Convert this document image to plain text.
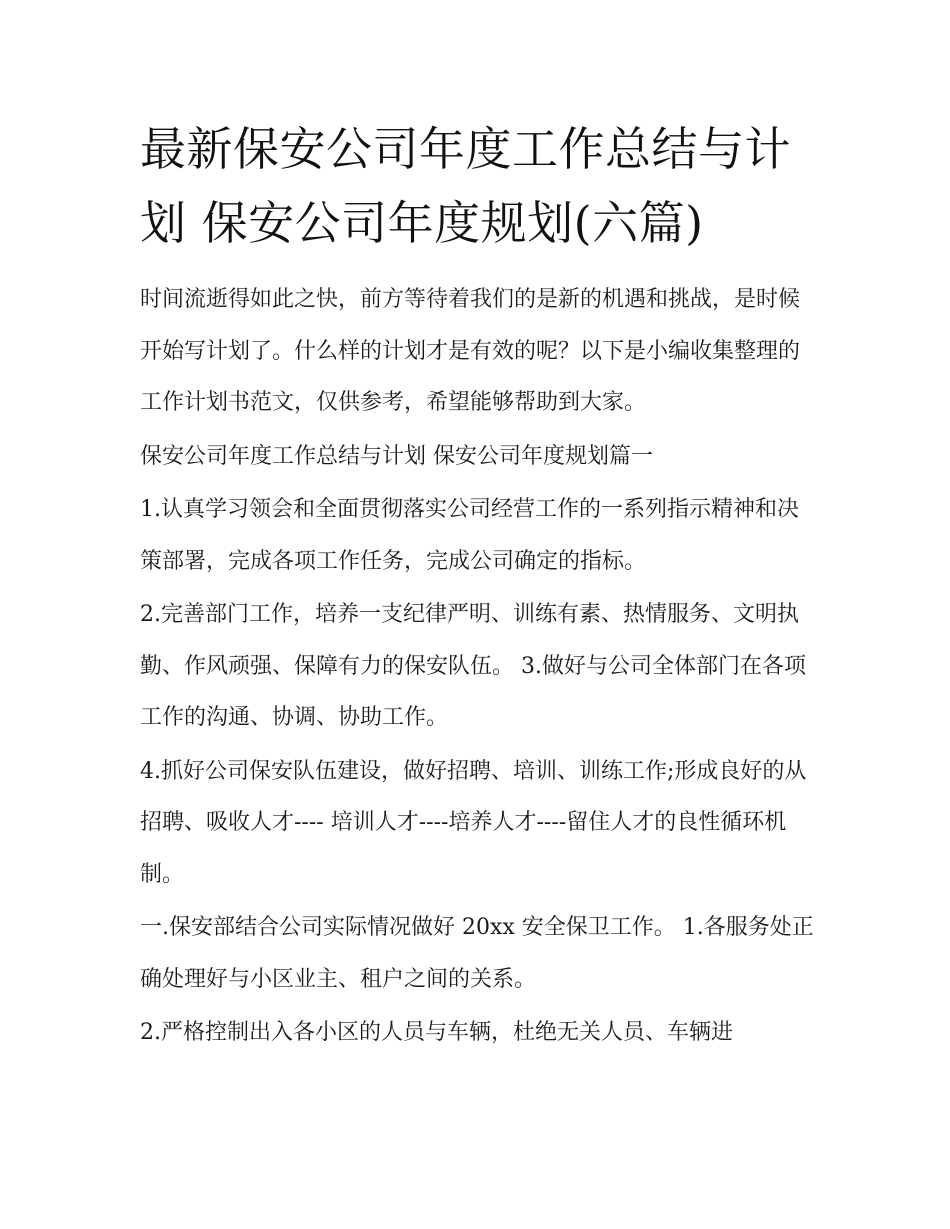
最新保安公司年度工作总结与计划 保安公司年度规划(六篇)

时间流逝得如此之快，前方等待着我们的是新的机遇和挑战，是时候开始写计划了。什么样的计划才是有效的呢？以下是小编收集整理的工作计划书范文，仅供参考，希望能够帮助到大家。

保安公司年度工作总结与计划 保安公司年度规划篇一

1.认真学习领会和全面贯彻落实公司经营工作的一系列指示精神和决策部署，完成各项工作任务，完成公司确定的指标。

2.完善部门工作，培养一支纪律严明、训练有素、热情服务、文明执勤、作风顽强、保障有力的保安队伍。 3.做好与公司全体部门在各项工作的沟通、协调、协助工作。

4.抓好公司保安队伍建设，做好招聘、培训、训练工作;形成良好的从招聘、吸收人才---- 培训人才----培养人才----留住人才的良性循环机制。

一.保安部结合公司实际情况做好 20xx 安全保卫工作。 1.各服务处正确处理好与小区业主、租户之间的关系。

2.严格控制出入各小区的人员与车辆，杜绝无关人员、车辆进
